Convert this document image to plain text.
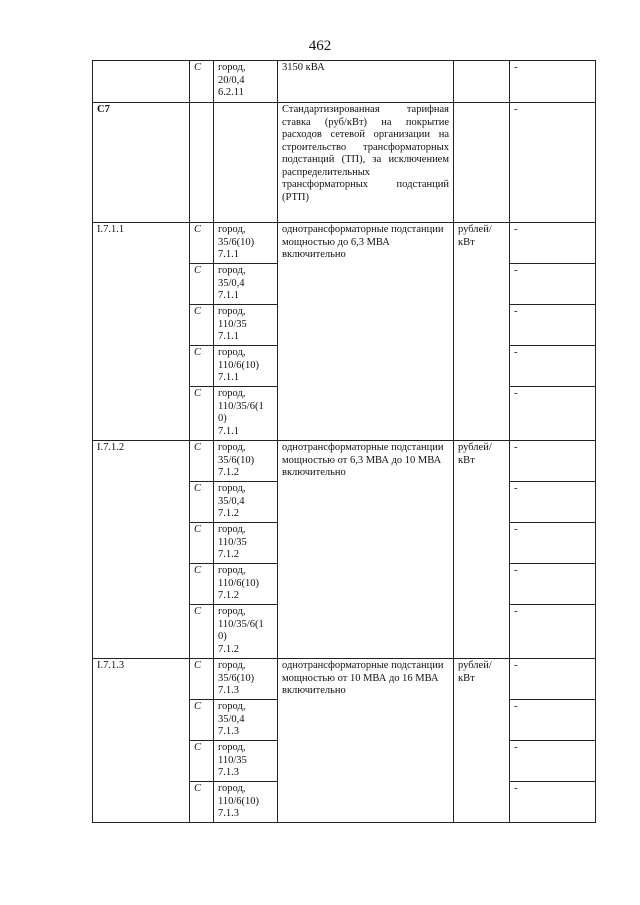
462
	С	город,
20/0,4
6.2.11	3150 кВА		-
С7			Стандартизированная тарифная ставка (руб/кВт) на покрытие расходов сетевой организации на строительство трансформаторных подстанций (ТП), за исключением распределительных трансформаторных подстанций (РТП)		-
I.7.1.1	С	город,
35/6(10)
7.1.1	однотрансформаторные подстанции мощностью до 6,3 МВА включительно	рублей/ кВт	-
	С	город,
35/0,4
7.1.1			-
	С	город,
110/35
7.1.1			-
	С	город,
110/6(10)
7.1.1			-
	С	город,
110/35/6(1
0)
7.1.1			-
I.7.1.2	С	город,
35/6(10)
7.1.2	однотрансформаторные подстанции мощностью от 6,3 МВА до 10 МВА включительно	рублей/ кВт	-
	С	город,
35/0,4
7.1.2			-
	С	город,
110/35
7.1.2			-
	С	город,
110/6(10)
7.1.2			-
	С	город,
110/35/6(1
0)
7.1.2			-
I.7.1.3	С	город,
35/6(10)
7.1.3	однотрансформаторные подстанции мощностью от 10 МВА до 16 МВА включительно	рублей/ кВт	-
	С	город,
35/0,4
7.1.3			-
	С	город,
110/35
7.1.3			-
	С	город,
110/6(10)
7.1.3			-
